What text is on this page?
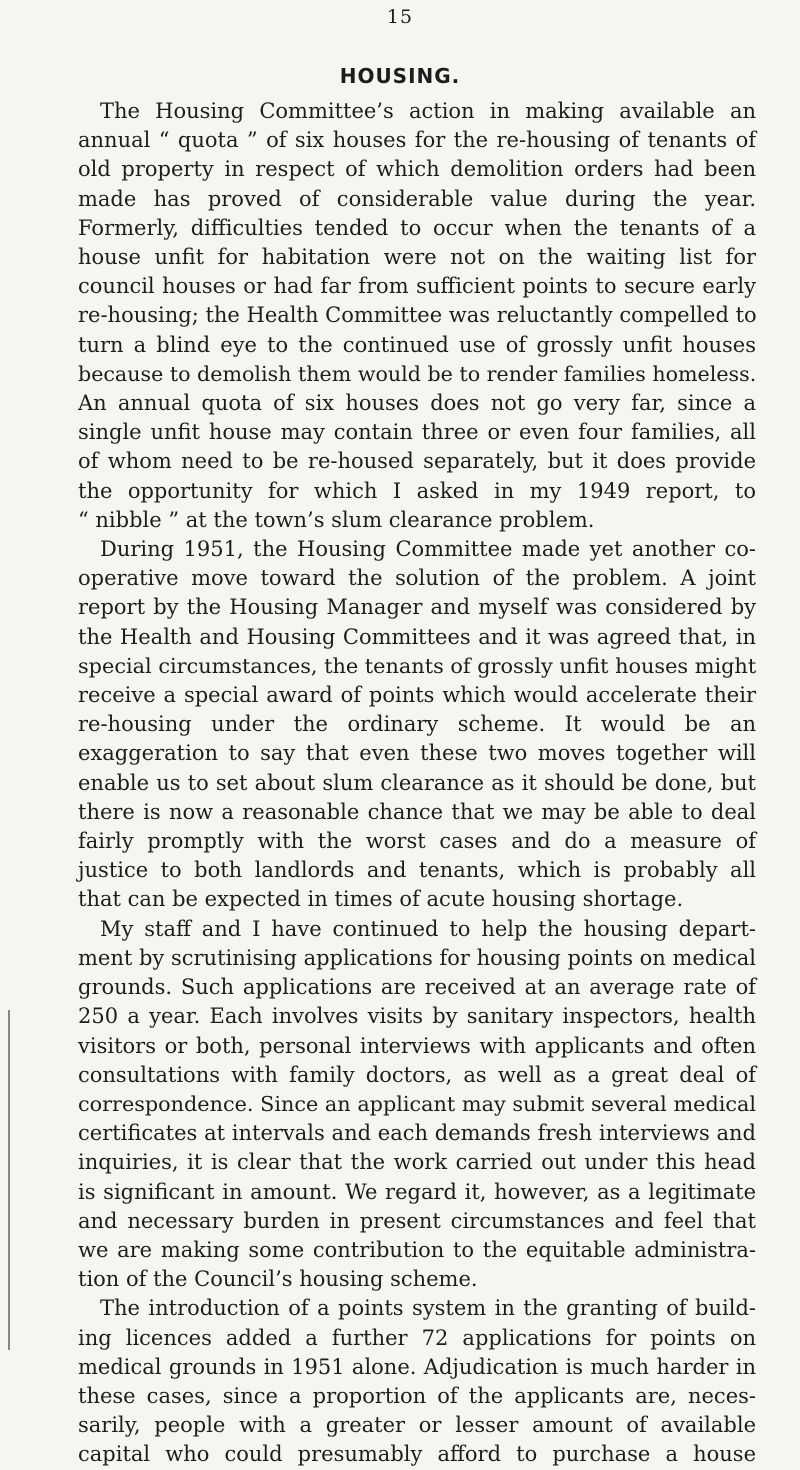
15
HOUSING.
The Housing Committee’s action in making available an
annual “ quota ” of six houses for the re-housing of tenants of
old property in respect of which demolition orders had been
made has proved of considerable value during the year.
Formerly, difficulties tended to occur when the tenants of a
house unfit for habitation were not on the waiting list for
council houses or had far from sufficient points to secure early
re-housing; the Health Committee was reluctantly compelled to
turn a blind eye to the continued use of grossly unfit houses
because to demolish them would be to render families homeless.
An annual quota of six houses does not go very far, since a
single unfit house may contain three or even four families, all
of whom need to be re-housed separately, but it does provide
the opportunity for which I asked in my 1949 report, to
“ nibble ” at the town’s slum clearance problem.
During 1951, the Housing Committee made yet another co-
operative move toward the solution of the problem. A joint
report by the Housing Manager and myself was considered by
the Health and Housing Committees and it was agreed that, in
special circumstances, the tenants of grossly unfit houses might
receive a special award of points which would accelerate their
re-housing under the ordinary scheme. It would be an
exaggeration to say that even these two moves together will
enable us to set about slum clearance as it should be done, but
there is now a reasonable chance that we may be able to deal
fairly promptly with the worst cases and do a measure of
justice to both landlords and tenants, which is probably all
that can be expected in times of acute housing shortage.
My staff and I have continued to help the housing depart-
ment by scrutinising applications for housing points on medical
grounds. Such applications are received at an average rate of
250 a year. Each involves visits by sanitary inspectors, health
visitors or both, personal interviews with applicants and often
consultations with family doctors, as well as a great deal of
correspondence. Since an applicant may submit several medical
certificates at intervals and each demands fresh interviews and
inquiries, it is clear that the work carried out under this head
is significant in amount. We regard it, however, as a legitimate
and necessary burden in present circumstances and feel that
we are making some contribution to the equitable administra-
tion of the Council’s housing scheme.
The introduction of a points system in the granting of build-
ing licences added a further 72 applications for points on
medical grounds in 1951 alone. Adjudication is much harder in
these cases, since a proportion of the applicants are, neces-
sarily, people with a greater or lesser amount of available
capital who could presumably afford to purchase a house
